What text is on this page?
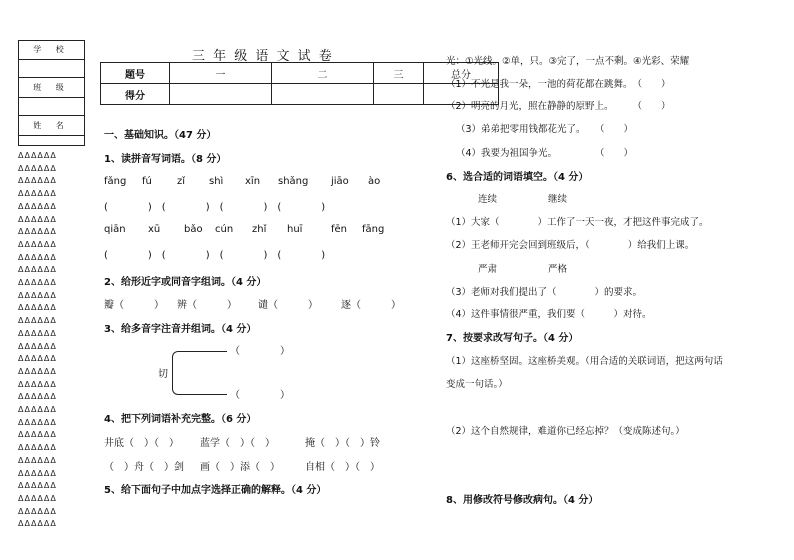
学 校
班 级
姓 名
ΔΔΔΔΔΔ
ΔΔΔΔΔΔ
ΔΔΔΔΔΔ
ΔΔΔΔΔΔ
ΔΔΔΔΔΔ
ΔΔΔΔΔΔ
ΔΔΔΔΔΔ
ΔΔΔΔΔΔ
ΔΔΔΔΔΔ
ΔΔΔΔΔΔ
ΔΔΔΔΔΔ
ΔΔΔΔΔΔ
ΔΔΔΔΔΔ
ΔΔΔΔΔΔ
ΔΔΔΔΔΔ
ΔΔΔΔΔΔ
ΔΔΔΔΔΔ
ΔΔΔΔΔΔ
ΔΔΔΔΔΔ
ΔΔΔΔΔΔ
ΔΔΔΔΔΔ
ΔΔΔΔΔΔ
ΔΔΔΔΔΔ
ΔΔΔΔΔΔ
ΔΔΔΔΔΔ
ΔΔΔΔΔΔ
ΔΔΔΔΔΔ
ΔΔΔΔΔΔ
ΔΔΔΔΔΔ
ΔΔΔΔΔΔ
三 年 级 语 文 试 卷
题号	一	二	三	总分
得分				
一、基础知识。（47 分）
1、读拼音写词语。（8 分）
fǎng fú	zǐ shì xīn shǎng jiāo ào
(　　　　)　(　　　　)　(　　　　)　(　　　　)
qiān xū bǎo cún zhǐ huī	fēn fāng
(　　　　)　(　　　　)　(　　　　)　(　　　　)
2、给形近字或同音字组词。（4 分）
瓣（　　　） 辨（　　　） 谴（　　　） 逐（　　　）
3、给多音字注音并组词。（4 分）
切
（　　　　）
（　　　　）
4、把下列词语补充完整。（6 分）
井底（　）（　） 蓝学（　）（　）	掩（　）（　）铃
（　）舟（　）剑 画（　）添（　）	自相（　）（　）
5、给下面句子中加点字选择正确的解释。（4 分）
光：①光线。②单，只。③完了，一点不剩。④光彩、荣耀
（1）不光是我一朵，一池的荷花都在跳舞。　（　　）
（2）明亮的月光，照在静静的原野上。　　　（　　）
（3）弟弟把零用钱都花光了。　　（　　）
（4）我要为祖国争光。　　　　　（　　）
6、选合适的词语填空。（4 分）
连续	继续
（1）大家（　　　　）工作了一天一夜，才把这件事完成了。
（2）王老师开完会回到班级后，（　　　　）给我们上课。
严肃	严格
（3）老师对我们提出了（　　　　）的要求。
（4）这件事情很严重，我们要（　　　）对待。
7、按要求改写句子。（4 分）
（1）这座桥坚固。这座桥美观。（用合适的关联词语，把这两句话
变成一句话。）
（2）这个自然规律，难道你已经忘掉？（变成陈述句。）
8、用修改符号修改病句。（4 分）
